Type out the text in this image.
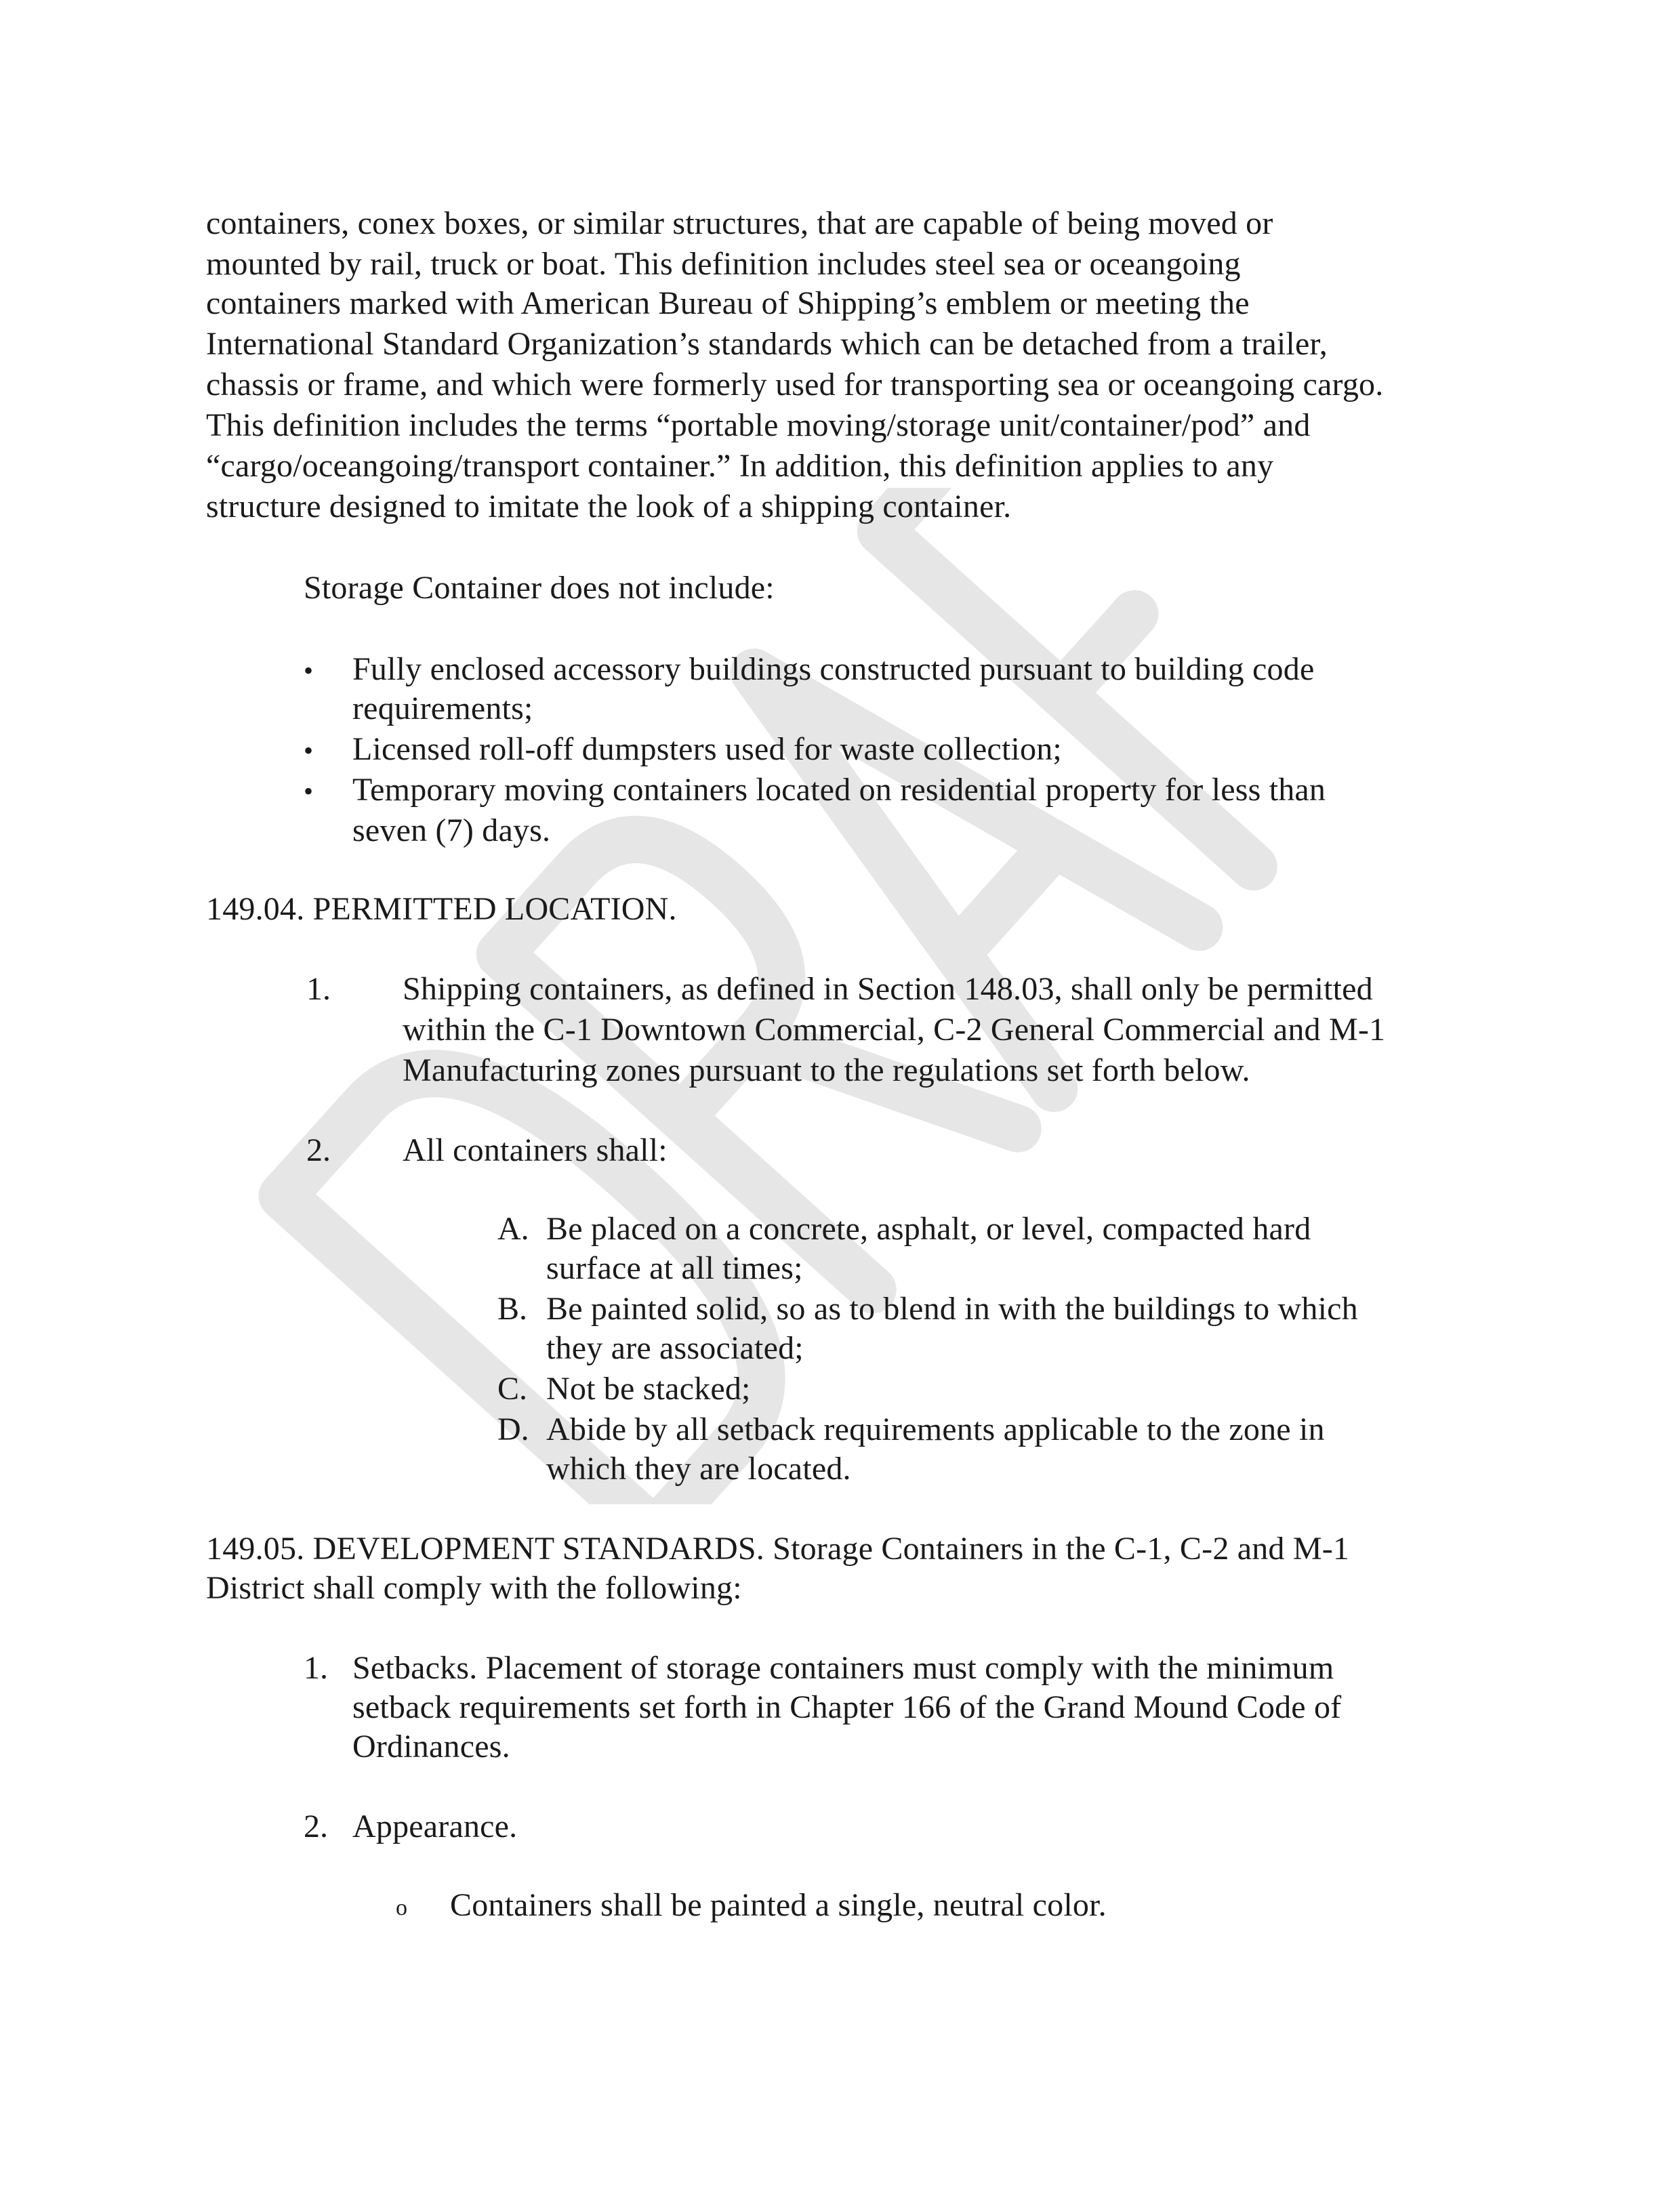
containers, conex boxes, or similar structures, that are capable of being moved or
mounted by rail, truck or boat. This definition includes steel sea or oceangoing
containers marked with American Bureau of Shipping’s emblem or meeting the
International Standard Organization’s standards which can be detached from a trailer,
chassis or frame, and which were formerly used for transporting sea or oceangoing cargo.
This definition includes the terms “portable moving/storage unit/container/pod” and
“cargo/oceangoing/transport container.” In addition, this definition applies to any
structure designed to imitate the look of a shipping container.
Storage Container does not include:
• Fully enclosed accessory buildings constructed pursuant to building code
requirements;
• Licensed roll-off dumpsters used for waste collection;
• Temporary moving containers located on residential property for less than
seven (7) days.
149.04. PERMITTED LOCATION.
1. Shipping containers, as defined in Section 148.03, shall only be permitted
within the C-1 Downtown Commercial, C-2 General Commercial and M-1
Manufacturing zones pursuant to the regulations set forth below.
2. All containers shall:
A. Be placed on a concrete, asphalt, or level, compacted hard
surface at all times;
B. Be painted solid, so as to blend in with the buildings to which
they are associated;
C. Not be stacked;
D. Abide by all setback requirements applicable to the zone in
which they are located.
149.05. DEVELOPMENT STANDARDS. Storage Containers in the C-1, C-2 and M-1
District shall comply with the following:
1. Setbacks. Placement of storage containers must comply with the minimum
setback requirements set forth in Chapter 166 of the Grand Mound Code of
Ordinances.
2. Appearance.
o Containers shall be painted a single, neutral color.
